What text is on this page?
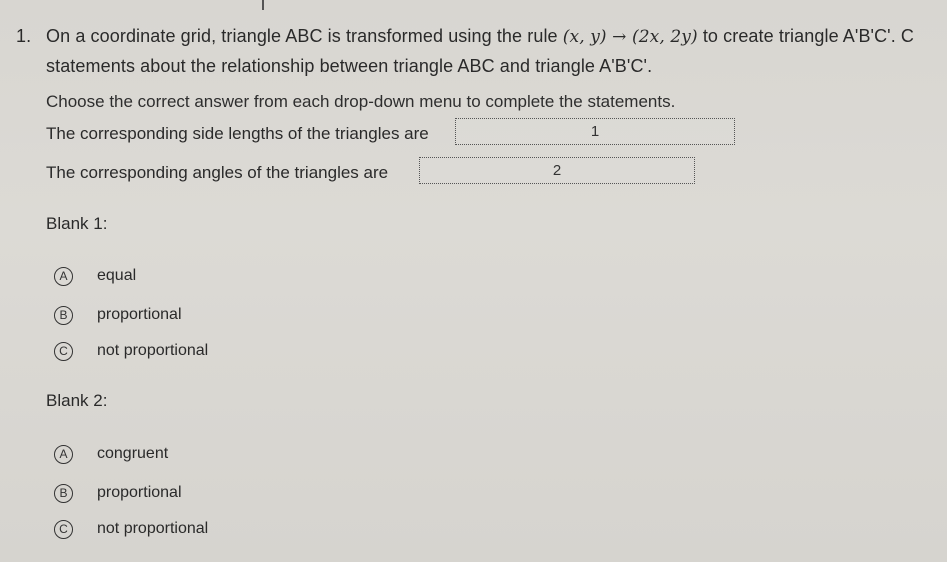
1. On a coordinate grid, triangle ABC is transformed using the rule (x, y) → (2x, 2y) to create triangle A'B'C'. C
statements about the relationship between triangle ABC and triangle A'B'C'.
Choose the correct answer from each drop-down menu to complete the statements.
The corresponding side lengths of the triangles are	1
The corresponding angles of the triangles are	2
Blank 1:
A	equal
B	proportional
C	not proportional
Blank 2:
A	congruent
B	proportional
C	not proportional
